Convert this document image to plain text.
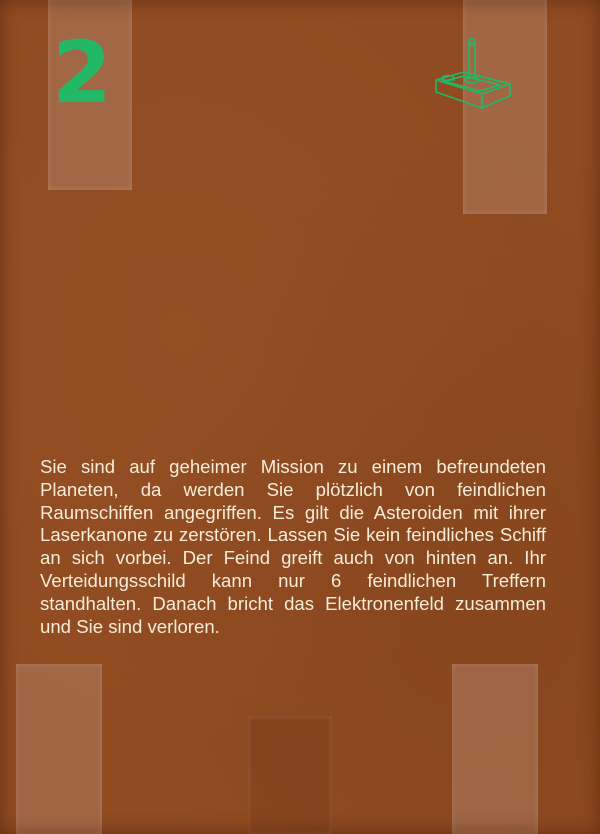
2

Sie sind auf geheimer Mission zu einem befreundeten Planeten, da werden Sie plötzlich von feindlichen Raumschiffen angegriffen. Es gilt die Asteroiden mit ihrer Laserkanone zu zerstören. Lassen Sie kein feindliches Schiff an sich vorbei. Der Feind greift auch von hinten an. Ihr Verteidungsschild kann nur 6 feindlichen Treffern standhalten. Danach bricht das Elektronenfeld zusammen und Sie sind verloren.
